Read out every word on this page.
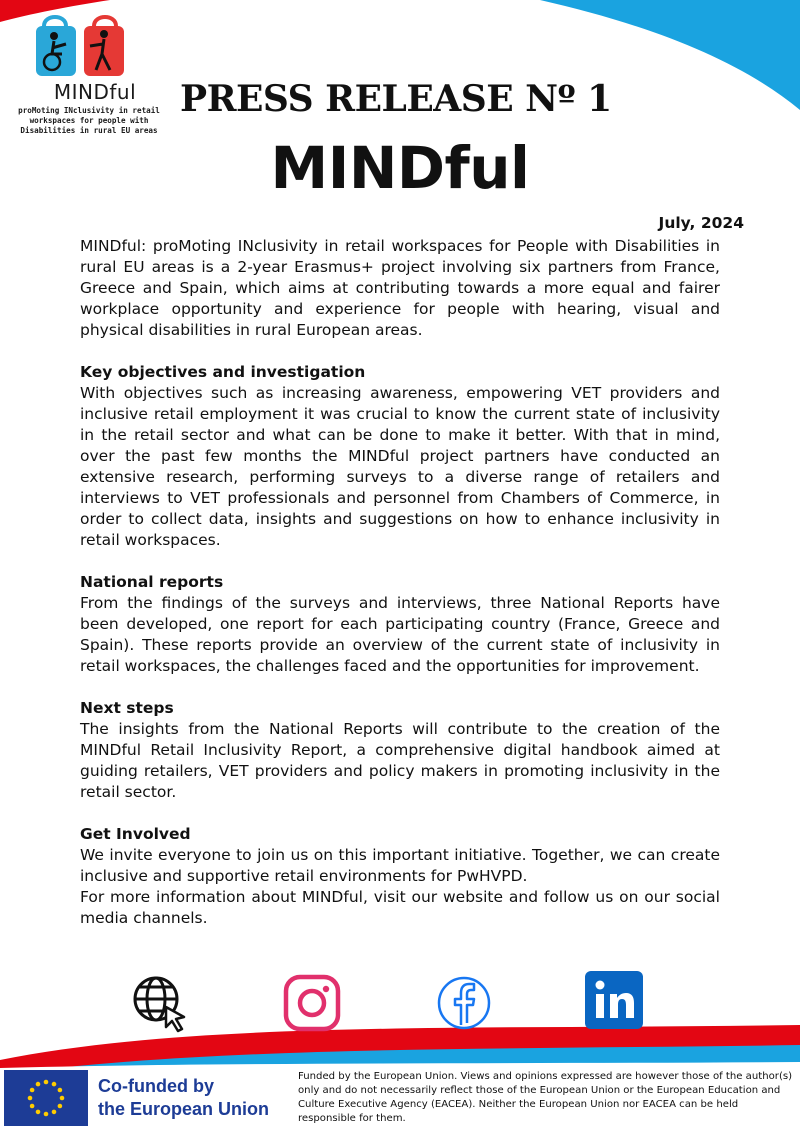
MINDful
proMoting INclusivity in retail
workspaces for people with
Disabilities in rural EU areas
PRESS RELEASE Nº 1
MINDful
July, 2024

MINDful: proMoting INclusivity in retail workspaces for People with Disabilities in rural EU areas is a 2-year Erasmus+ project involving six partners from France, Greece and Spain, which aims at contributing towards a more equal and fairer workplace opportunity and experience for people with hearing, visual and physical disabilities in rural European areas.

Key objectives and investigation

With objectives such as increasing awareness, empowering VET providers and inclusive retail employment it was crucial to know the current state of inclusivity in the retail sector and what can be done to make it better. With that in mind, over the past few months the MINDful project partners have conducted an extensive research, performing surveys to a diverse range of retailers and interviews to VET professionals and personnel from Chambers of Commerce, in order to collect data, insights and suggestions on how to enhance inclusivity in retail workspaces.

National reports

From the findings of the surveys and interviews, three National Reports have been developed, one report for each participating country (France, Greece and Spain). These reports provide an overview of the current state of inclusivity in retail workspaces, the challenges faced and the opportunities for improvement.

Next steps

The insights from the National Reports will contribute to the creation of the MINDful Retail Inclusivity Report, a comprehensive digital handbook aimed at guiding retailers, VET providers and policy makers in promoting inclusivity in the retail sector.

Get Involved

We invite everyone to join us on this important initiative. Together, we can create inclusive and supportive retail environments for PwHVPD.

For more information about MINDful, visit our website and follow us on our social media channels.

Co-funded by
the European Union
Funded by the European Union. Views and opinions expressed are however those of the author(s) only and do not necessarily reflect those of the European Union or the European Education and Culture Executive Agency (EACEA). Neither the European Union nor EACEA can be held responsible for them.
